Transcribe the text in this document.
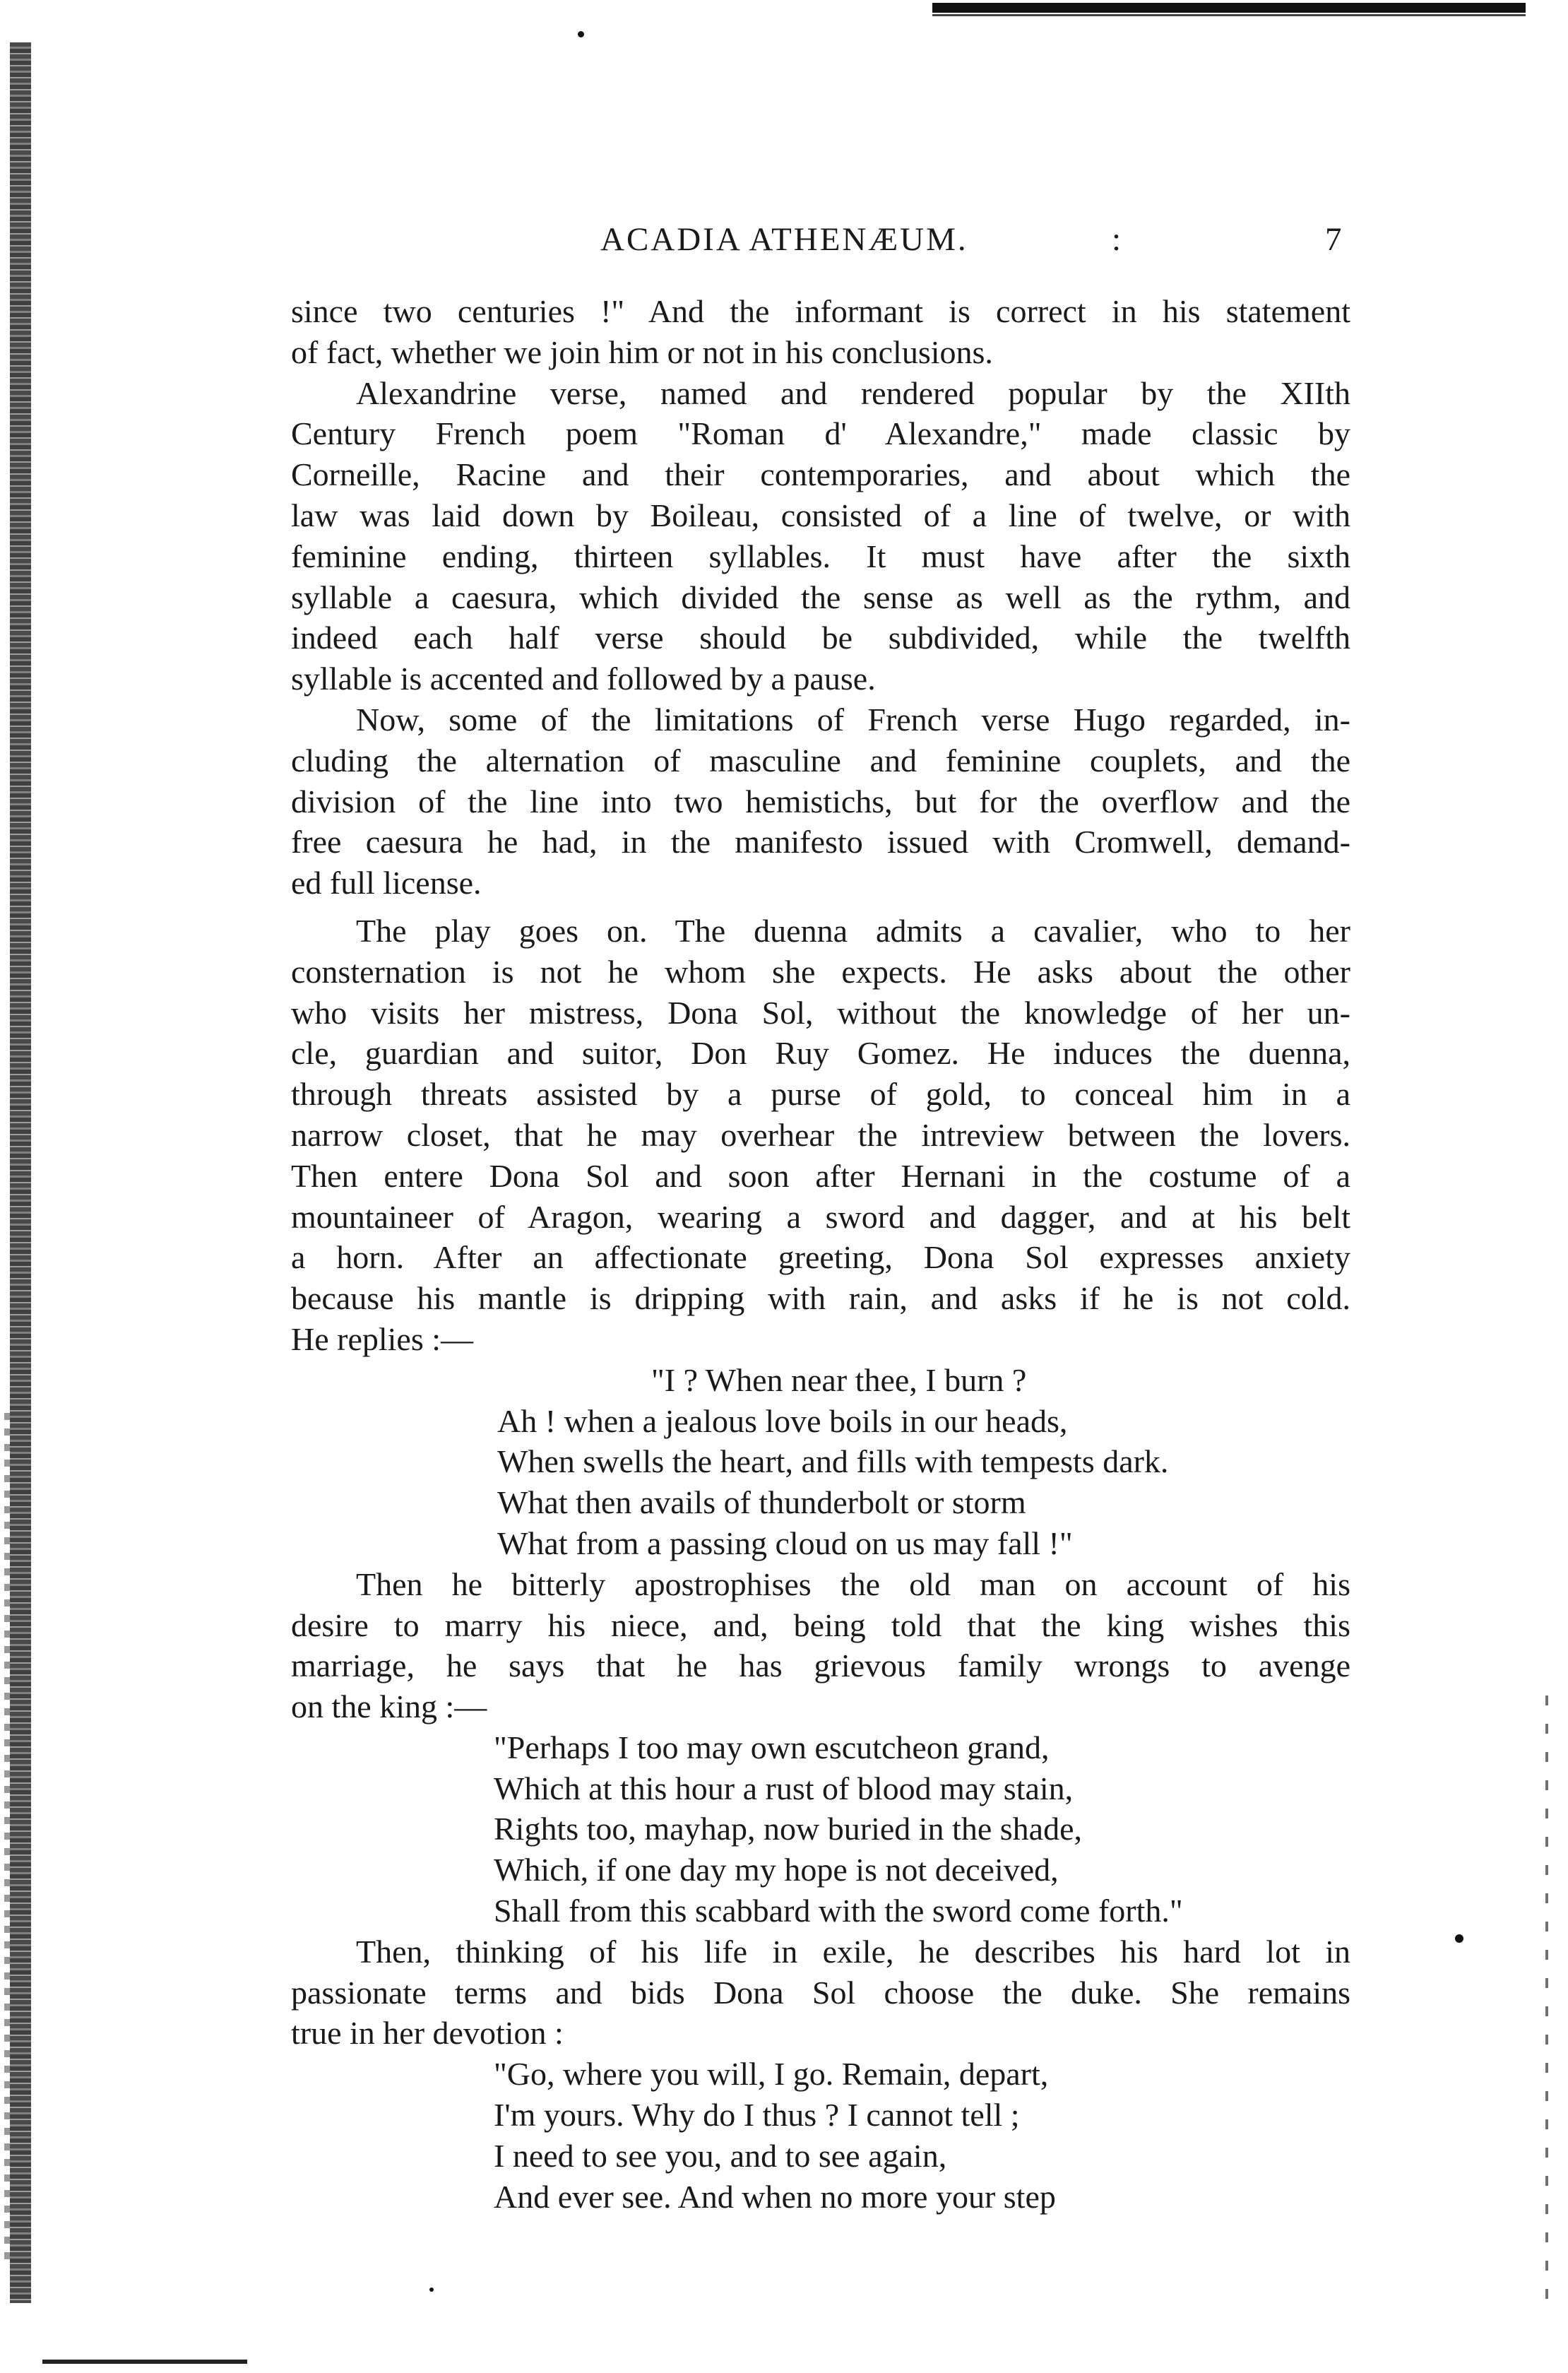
ACADIA ATHENÆUM.	:	7

since two centuries !" And the informant is correct in his statement
of fact, whether we join him or not in his conclusions.

Alexandrine verse, named and rendered popular by the XIIth
Century French poem "Roman d' Alexandre," made classic by
Corneille, Racine and their contemporaries, and about which the
law was laid down by Boileau, consisted of a line of twelve, or with
feminine ending, thirteen syllables. It must have after the sixth
syllable a caesura, which divided the sense as well as the rythm, and
indeed each half verse should be subdivided, while the twelfth
syllable is accented and followed by a pause.

Now, some of the limitations of French verse Hugo regarded, in-
cluding the alternation of masculine and feminine couplets, and the
division of the line into two hemistichs, but for the overflow and the
free caesura he had, in the manifesto issued with Cromwell, demand-
ed full license.

The play goes on. The duenna admits a cavalier, who to her
consternation is not he whom she expects. He asks about the other
who visits her mistress, Dona Sol, without the knowledge of her un-
cle, guardian and suitor, Don Ruy Gomez. He induces the duenna,
through threats assisted by a purse of gold, to conceal him in a
narrow closet, that he may overhear the intreview between the lovers.
Then entere Dona Sol and soon after Hernani in the costume of a
mountaineer of Aragon, wearing a sword and dagger, and at his belt
a horn. After an affectionate greeting, Dona Sol expresses anxiety
because his mantle is dripping with rain, and asks if he is not cold.
He replies :—

"I ? When near thee, I burn ?
Ah ! when a jealous love boils in our heads,
When swells the heart, and fills with tempests dark.
What then avails of thunderbolt or storm
What from a passing cloud on us may fall !"

Then he bitterly apostrophises the old man on account of his
desire to marry his niece, and, being told that the king wishes this
marriage, he says that he has grievous family wrongs to avenge
on the king :—

"Perhaps I too may own escutcheon grand,
Which at this hour a rust of blood may stain,
Rights too, mayhap, now buried in the shade,
Which, if one day my hope is not deceived,
Shall from this scabbard with the sword come forth."

Then, thinking of his life in exile, he describes his hard lot in
passionate terms and bids Dona Sol choose the duke. She remains
true in her devotion :

"Go, where you will, I go. Remain, depart,
I'm yours. Why do I thus ? I cannot tell ;
I need to see you, and to see again,
And ever see. And when no more your step
